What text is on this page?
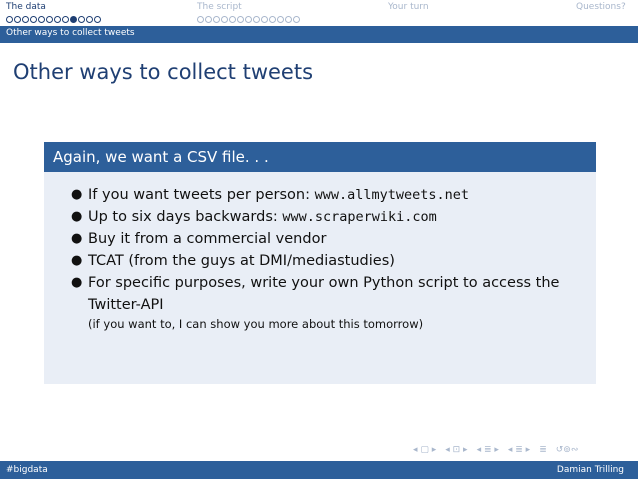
The data	The script	Your turn	Questions?
Other ways to collect tweets
Other ways to collect tweets
Again, we want a CSV file. . .
● If you want tweets per person: www.allmytweets.net
● Up to six days backwards: www.scraperwiki.com
● Buy it from a commercial vendor
● TCAT (from the guys at DMI/mediastudies)
● For specific purposes, write your own Python script to access the Twitter-API
(if you want to, I can show you more about this tomorrow)
◂ ▢ ▸ ◂ ⊡ ▸ ◂ ≣ ▸ ◂ ≣ ▸ ≣ ↺⊚∾
#bigdata	Damian Trilling
